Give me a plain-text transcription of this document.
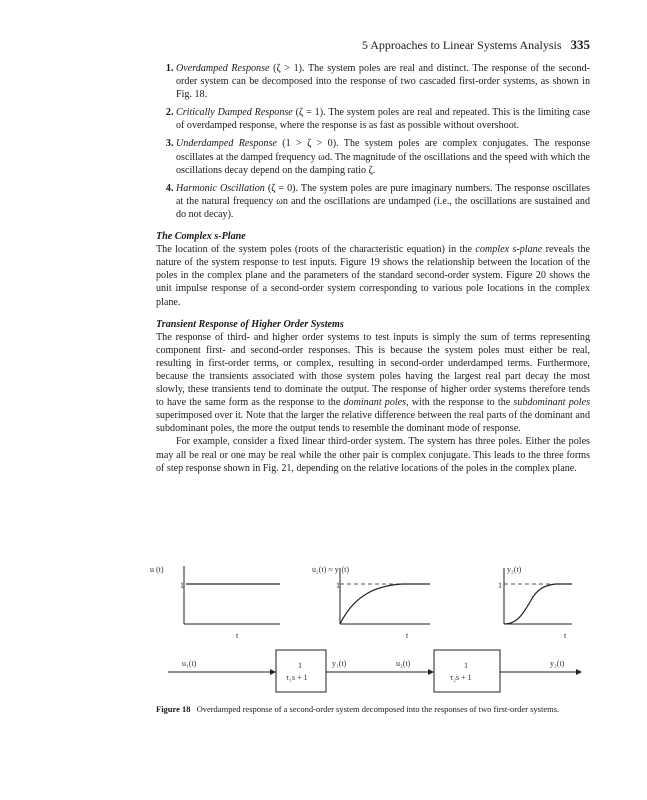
5 Approaches to Linear Systems Analysis 335
1. Overdamped Response (ζ > 1). The system poles are real and distinct. The response of the second-order system can be decomposed into the response of two cascaded first-order systems, as shown in Fig. 18.
2. Critically Damped Response (ζ = 1). The system poles are real and repeated. This is the limiting case of overdamped response, where the response is as fast as possible without overshoot.
3. Underdamped Response (1 > ζ > 0). The system poles are complex conjugates. The response oscillates at the damped frequency ωd. The magnitude of the oscillations and the speed with which the oscillations decay depend on the damping ratio ζ.
4. Harmonic Oscillation (ζ = 0). The system poles are pure imaginary numbers. The response oscillates at the natural frequency ωn and the oscillations are undamped (i.e., the oscillations are sustained and do not decay).
The Complex s-Plane

The location of the system poles (roots of the characteristic equation) in the complex s-plane reveals the nature of the system response to test inputs. Figure 19 shows the relationship between the location of the poles in the complex plane and the parameters of the standard second-order system. Figure 20 shows the unit impulse response of a second-order system corresponding to various pole locations in the complex plane.

Transient Response of Higher Order Systems

The response of third- and higher order systems to test inputs is simply the sum of terms representing component first- and second-order responses. This is because the system poles must either be real, resulting in first-order terms, or complex, resulting in second-order underdamped terms. Furthermore, because the transients associated with those system poles having the largest real part decay the most slowly, these transients tend to dominate the output. The response of higher order systems therefore tends to have the same form as the response to the dominant poles, with the response to the subdominant poles superimposed over it. Note that the larger the relative difference between the real parts of the dominant and subdominant poles, the more the output tends to resemble the dominant mode of response.

For example, consider a fixed linear third-order system. The system has three poles. Either the poles may all be real or one may be real while the other pair is complex conjugate. This leads to the three forms of step response shown in Fig. 21, depending on the relative locations of the poles in the complex plane.

u (t)
1
t
u₂(t) ≈ y₁(t)
1
t
y₂(t)
1
t
u₁(t)	1
τ₁s + 1
y₁(t)	u₂(t)	1
τ₂s + 1
y₂(t)
Figure 18 Overdamped response of a second-order system decomposed into the responses of two first-order systems.
